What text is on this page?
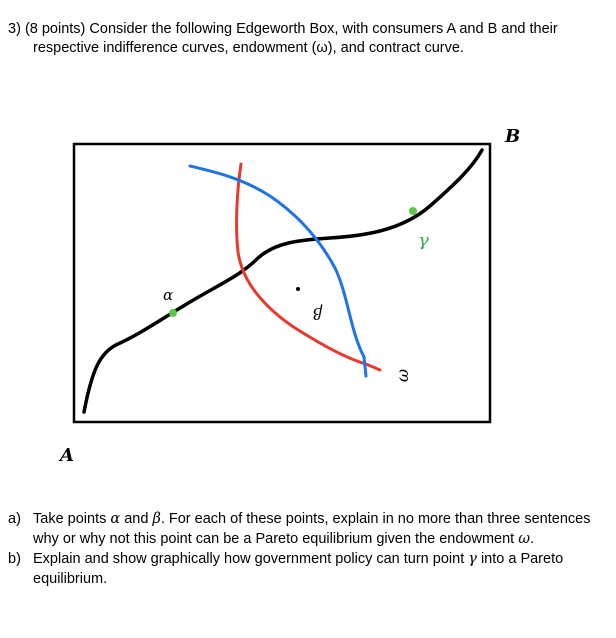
3) (8 points) Consider the following Edgeworth Box, with consumers A and B and their
respective indifference curves, endowment (ω), and contract curve.
A
B
α
β
γ
ω
a) Take points α and β. For each of these points, explain in no more than three sentences why or why not this point can be a Pareto equilibrium given the endowment ω.
b) Explain and show graphically how government policy can turn point γ into a Pareto equilibrium.
